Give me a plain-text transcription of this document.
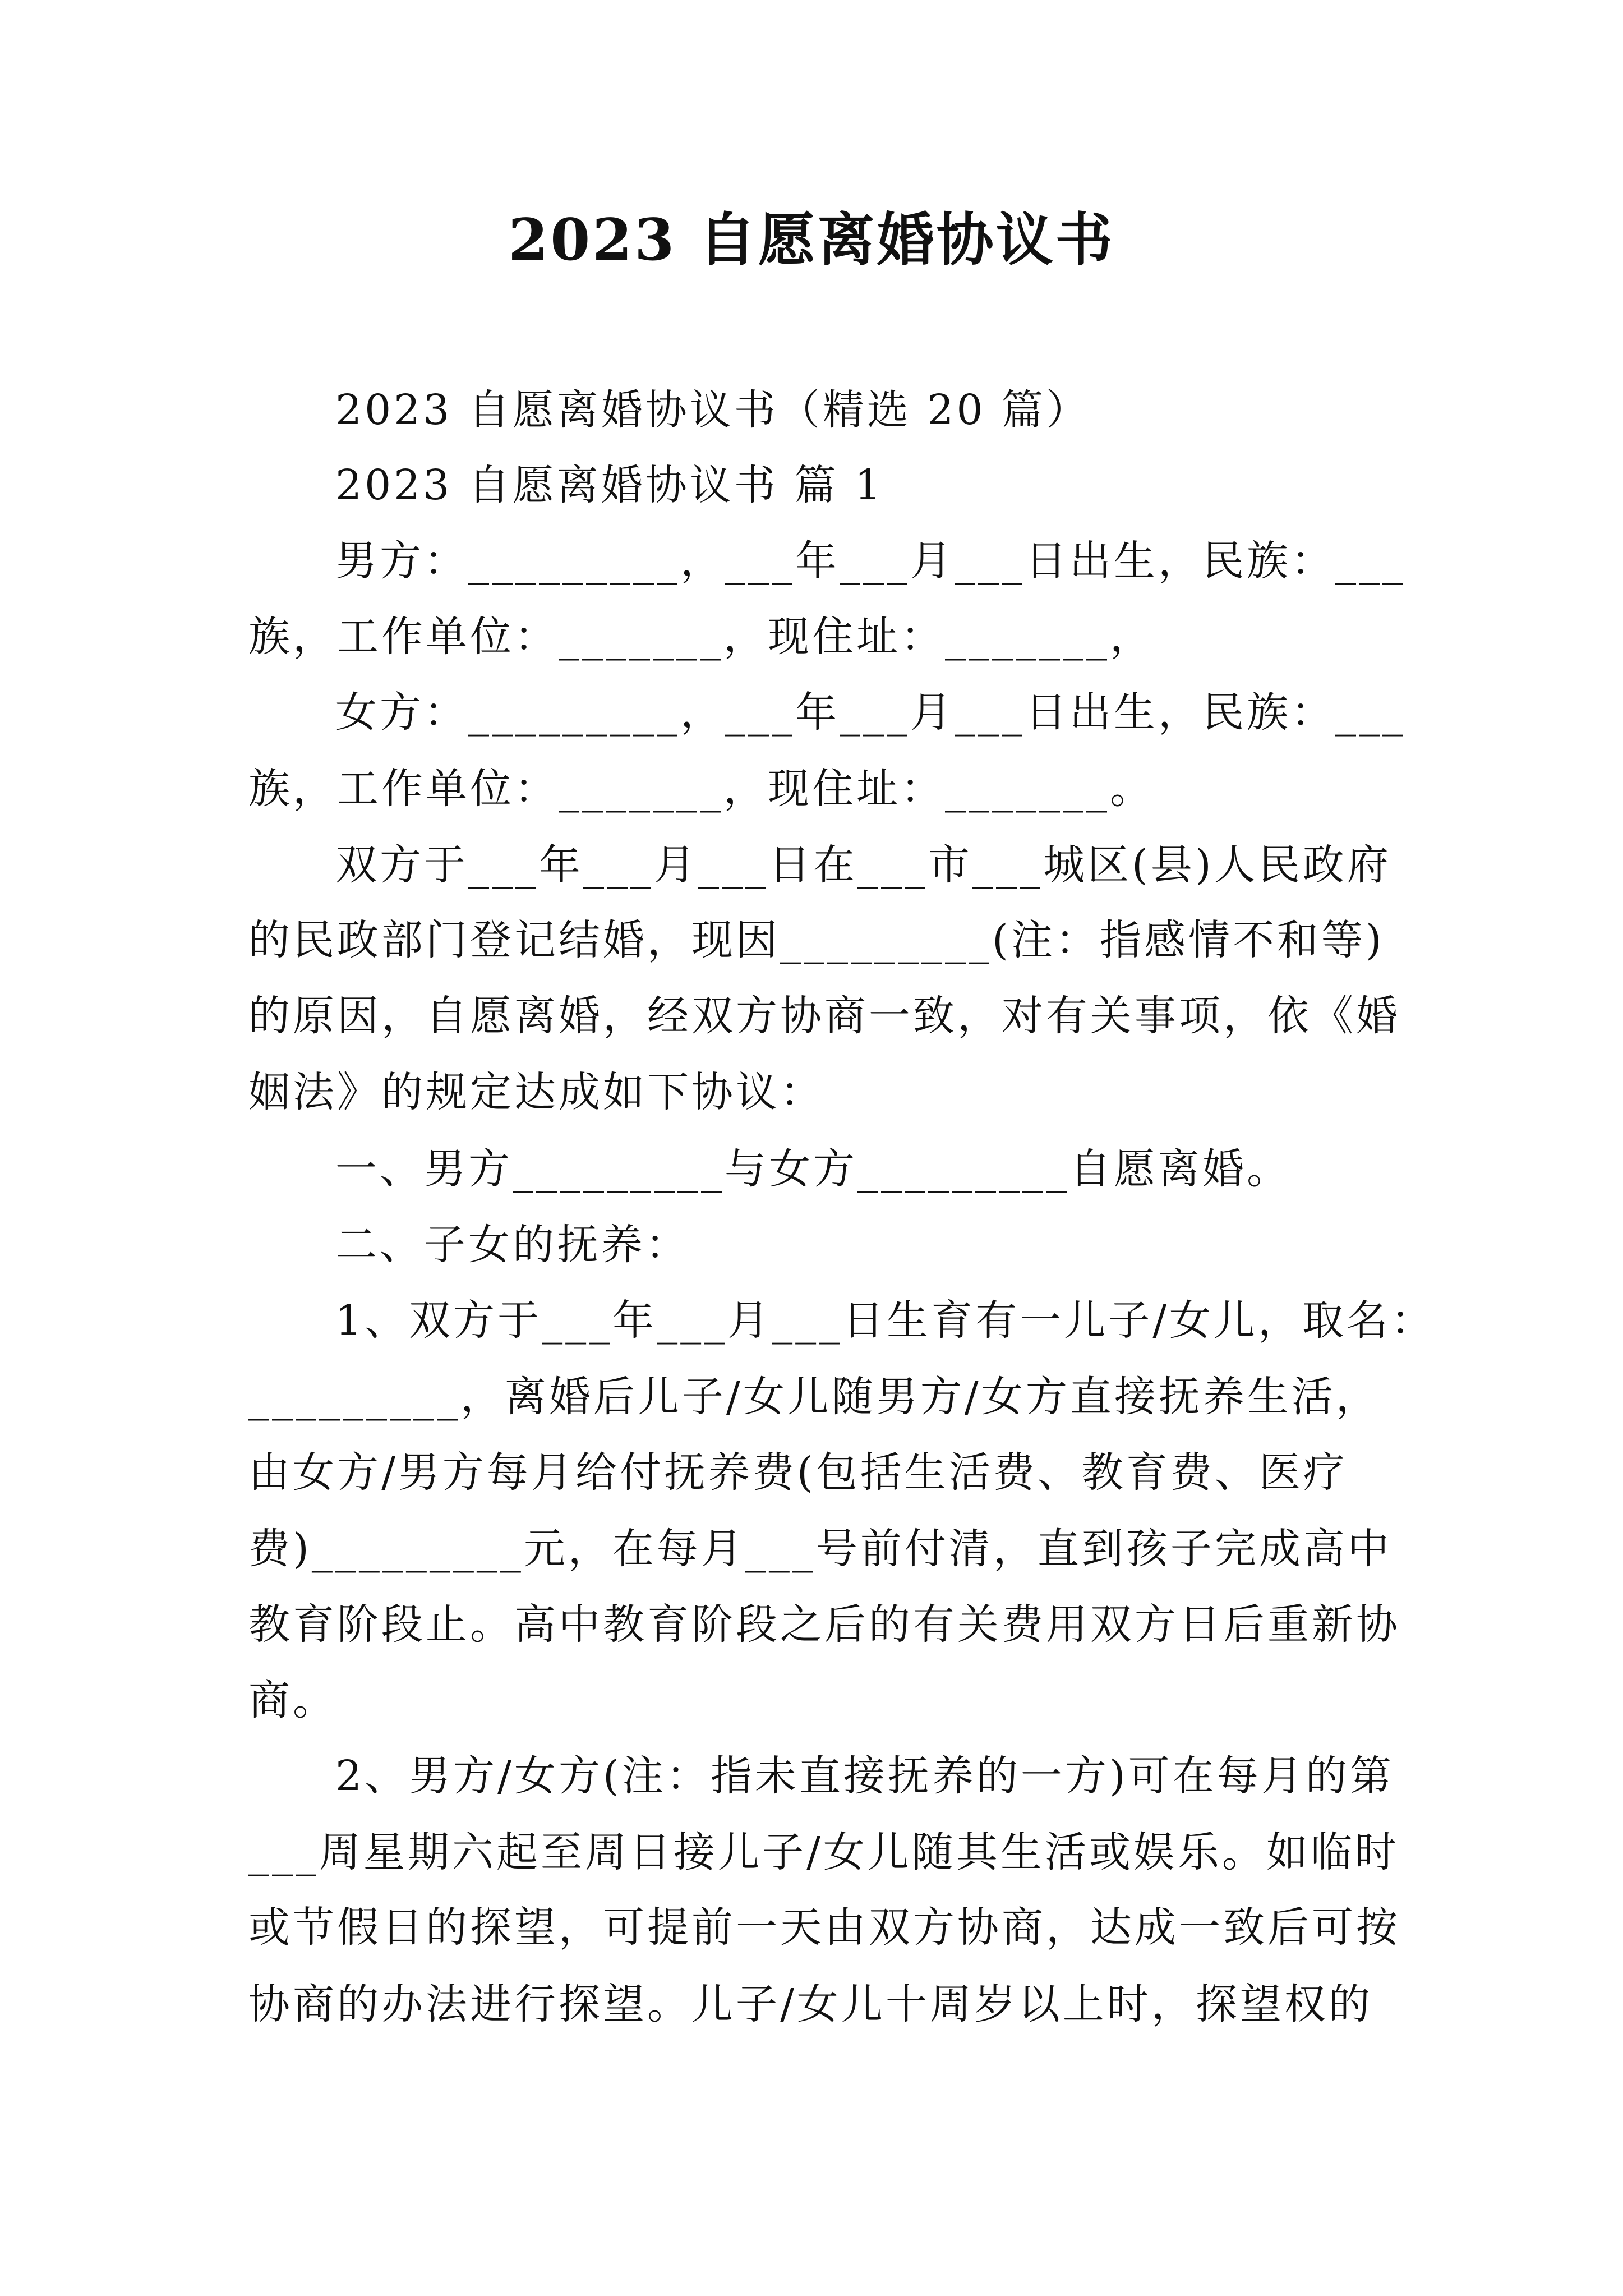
2023 自愿离婚协议书
2023 自愿离婚协议书（精选 20 篇）
2023 自愿离婚协议书 篇 1
男方：_________，___年___月___日出生，民族：___
族，工作单位：_______，现住址：_______，
女方：_________，___年___月___日出生，民族：___
族，工作单位：_______，现住址：_______。
双方于___年___月___日在___市___城区(县)人民政府
的民政部门登记结婚，现因_________(注：指感情不和等)
的原因，自愿离婚，经双方协商一致，对有关事项，依《婚
姻法》的规定达成如下协议：
一、男方_________与女方_________自愿离婚。
二、子女的抚养：
1、双方于___年___月___日生育有一儿子/女儿，取名：
_________，离婚后儿子/女儿随男方/女方直接抚养生活，
由女方/男方每月给付抚养费(包括生活费、教育费、医疗
费)_________元，在每月___号前付清，直到孩子完成高中
教育阶段止。高中教育阶段之后的有关费用双方日后重新协
商。
2、男方/女方(注：指未直接抚养的一方)可在每月的第
___周星期六起至周日接儿子/女儿随其生活或娱乐。如临时
或节假日的探望，可提前一天由双方协商，达成一致后可按
协商的办法进行探望。儿子/女儿十周岁以上时，探望权的
